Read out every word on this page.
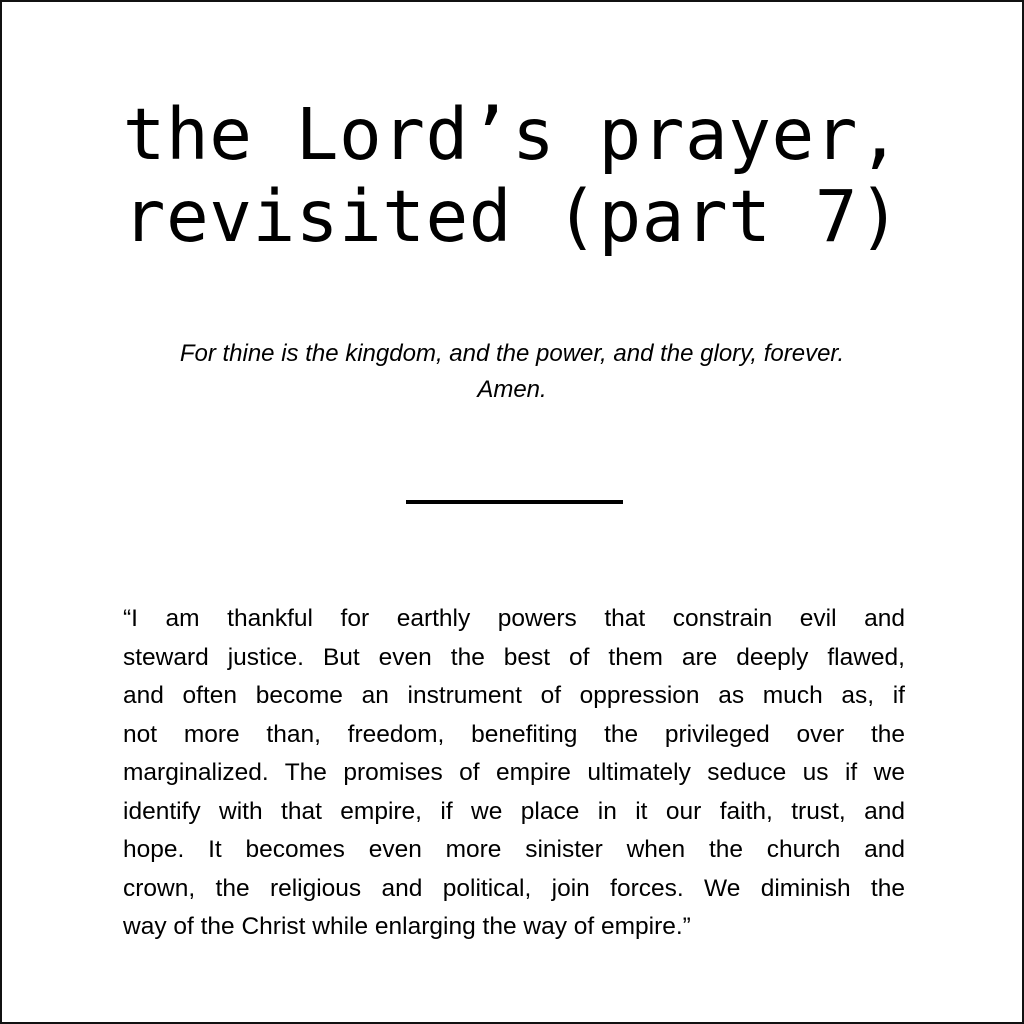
the Lord’s prayer,
revisited (part 7)

For thine is the kingdom, and the power, and the glory, forever.
Amen.

“I am thankful for earthly powers that constrain evil and
steward justice. But even the best of them are deeply flawed,
and often become an instrument of oppression as much as, if
not more than, freedom, benefiting the privileged over the
marginalized. The promises of empire ultimately seduce us if we
identify with that empire, if we place in it our faith, trust, and
hope. It becomes even more sinister when the church and
crown, the religious and political, join forces. We diminish the
way of the Christ while enlarging the way of empire.”
